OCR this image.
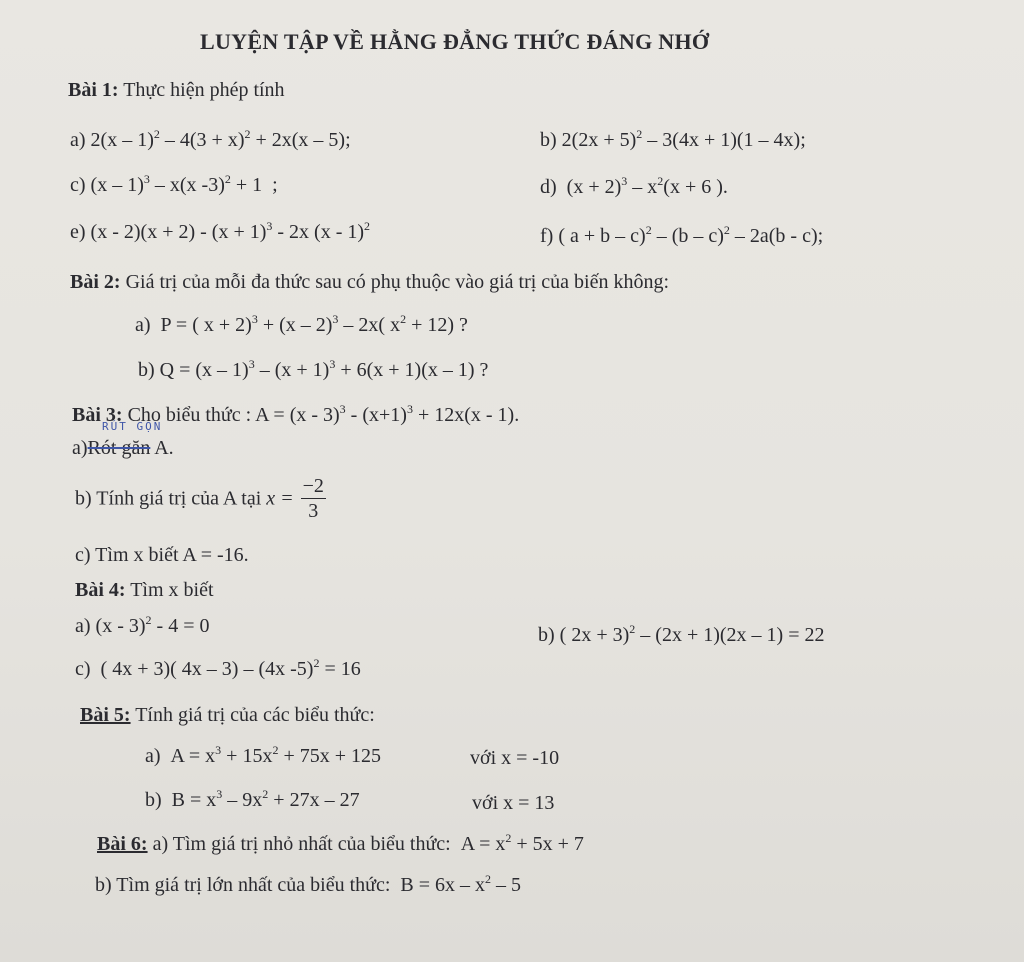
LUYỆN TẬP VỀ HẰNG ĐẲNG THỨC ĐÁNG NHỚ
Bài 1: Thực hiện phép tính
a) $2(x - 1)^2 - 4(3 + x)^2 + 2x(x - 5)$;	b) $2(2x + 5)^2 - 3(4x + 1)(1 - 4x)$;
c) (x – 1)$^3$ – x(x -3)$^2$ + 1  ;	d)  $(x + 2)^3 - x^2(x + 6$ ).
e) $(x - 2)(x + 2) - (x + 1)^3 - 2x$ (x - 1)$^2$	f) ( a + b – c)$^2$ – (b – c)$^2$ – 2a(b - c);
Bài 2: Giá trị của mỗi đa thức sau có phụ thuộc vào giá trị của biến không:
a)  P = ( x + 2)$^3$ + (x – 2)$^3$ – 2x( $x^2 + 12$) ?
b) $Q = (x - 1)^3 - (x + 1)^3 + 6(x + 1)(x - 1)$ ?
Bài 3: Cho biểu thức : $A = (x - 3)^3 - (x+1)^3 + 12x(x - 1)$.
RÚT GỌN
a)Rót găn A.
b) Tính giá trị của A tại $x = \frac{-2}{3}$
c) Tìm x biết A = -16.
Bài 4: Tìm x biết
a) (x - 3)$^2$ - 4 = 0	b) ( 2x + 3)$^2$ – (2x + 1)(2x – 1) = 22
c)  ( 4x + 3)( 4x – 3) – (4x -5)$^2$ = 16
Bài 5: Tính giá trị của các biểu thức:
a)  $A = x^3 + 15x^2 + 75x + 125$	với x = -10
b)  $B = x^3 - 9x^2 + 27x - 27$	với x = 13
Bài 6: a) Tìm giá trị nhỏ nhất của biểu thức:  $A = x^2 + 5x + 7$
b) Tìm giá trị lớn nhất của biểu thức:  $B = 6x - x^2 - 5$
